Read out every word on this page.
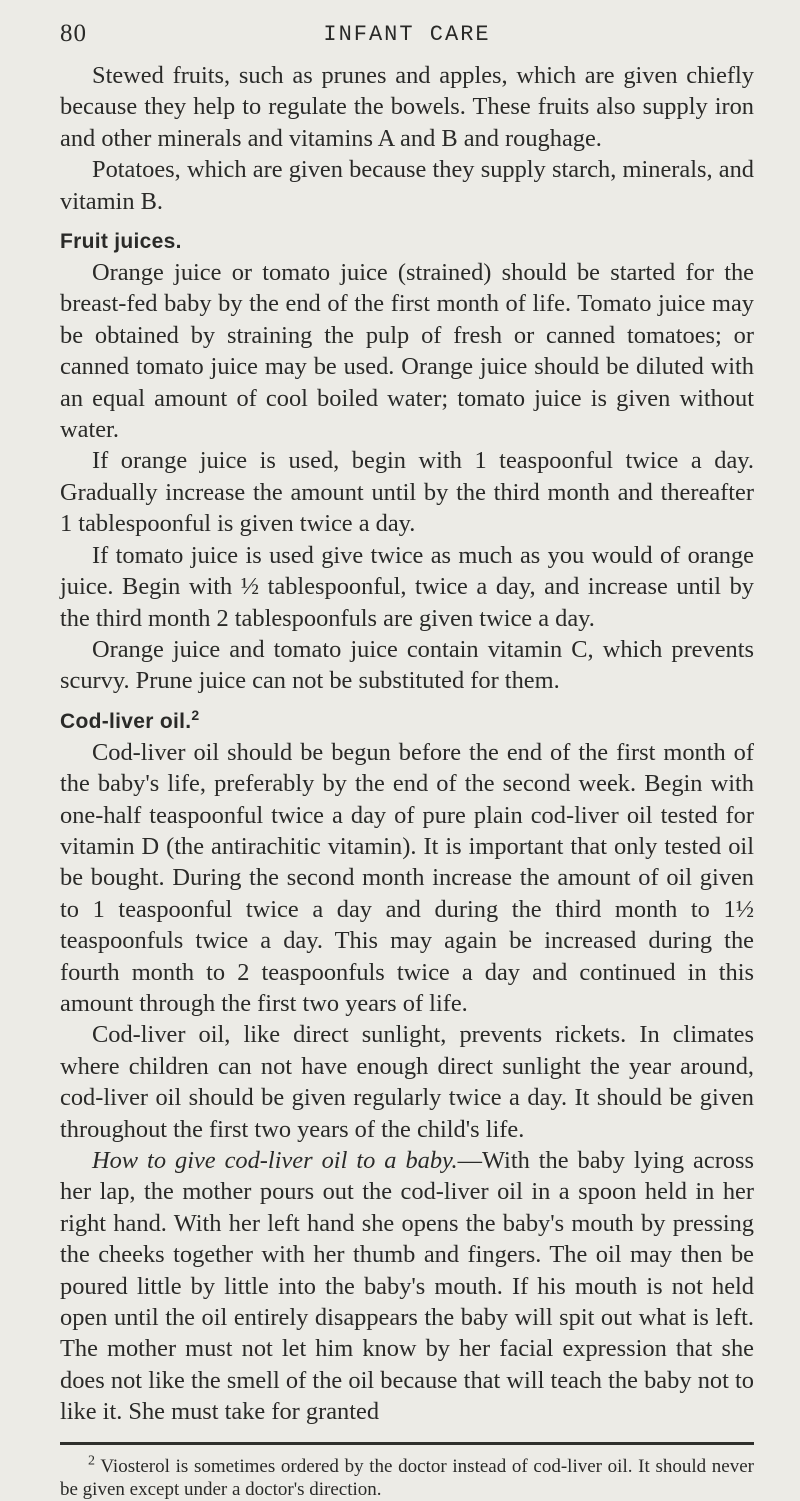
80	INFANT CARE

Stewed fruits, such as prunes and apples, which are given chiefly because they help to regulate the bowels. These fruits also supply iron and other minerals and vitamins A and B and roughage.

Potatoes, which are given because they supply starch, minerals, and vitamin B.

Fruit juices.

Orange juice or tomato juice (strained) should be started for the breast-fed baby by the end of the first month of life. Tomato juice may be obtained by straining the pulp of fresh or canned tomatoes; or canned tomato juice may be used. Orange juice should be diluted with an equal amount of cool boiled water; tomato juice is given without water.

If orange juice is used, begin with 1 teaspoonful twice a day. Gradually increase the amount until by the third month and thereafter 1 tablespoonful is given twice a day.

If tomato juice is used give twice as much as you would of orange juice. Begin with ½ tablespoonful, twice a day, and increase until by the third month 2 tablespoonfuls are given twice a day.

Orange juice and tomato juice contain vitamin C, which prevents scurvy. Prune juice can not be substituted for them.

Cod-liver oil.$^2$

Cod-liver oil should be begun before the end of the first month of the baby's life, preferably by the end of the second week. Begin with one-half teaspoonful twice a day of pure plain cod-liver oil tested for vitamin D (the antirachitic vitamin). It is important that only tested oil be bought. During the second month increase the amount of oil given to 1 teaspoonful twice a day and during the third month to 1½ teaspoonfuls twice a day. This may again be increased during the fourth month to 2 teaspoonfuls twice a day and continued in this amount through the first two years of life.

Cod-liver oil, like direct sunlight, prevents rickets. In climates where children can not have enough direct sunlight the year around, cod-liver oil should be given regularly twice a day. It should be given throughout the first two years of the child's life.

How to give cod-liver oil to a baby.—With the baby lying across her lap, the mother pours out the cod-liver oil in a spoon held in her right hand. With her left hand she opens the baby's mouth by pressing the cheeks together with her thumb and fingers. The oil may then be poured little by little into the baby's mouth. If his mouth is not held open until the oil entirely disappears the baby will spit out what is left. The mother must not let him know by her facial expression that she does not like the smell of the oil because that will teach the baby not to like it. She must take for granted

$^2$ Viosterol is sometimes ordered by the doctor instead of cod-liver oil. It should never be given except under a doctor's direction.
